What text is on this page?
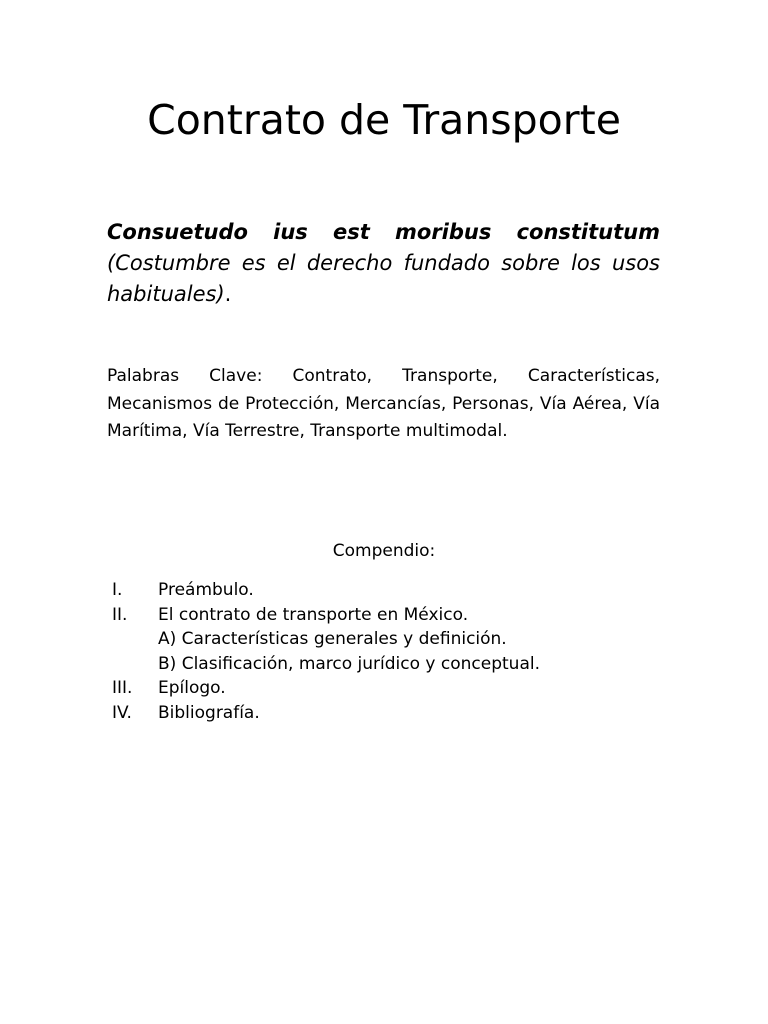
Contrato de Transporte

Consuetudo ius est moribus constitutum (Costumbre es el derecho fundado sobre los usos habituales).

Palabras Clave: Contrato, Transporte, Características, Mecanismos de Protección, Mercancías, Personas, Vía Aérea, Vía Marítima, Vía Terrestre, Transporte multimodal.

Compendio:
I.	Preámbulo.
II.	El contrato de transporte en México.
A) Características generales y definición.
B) Clasificación, marco jurídico y conceptual.
III.	Epílogo.
IV.	Bibliografía.
